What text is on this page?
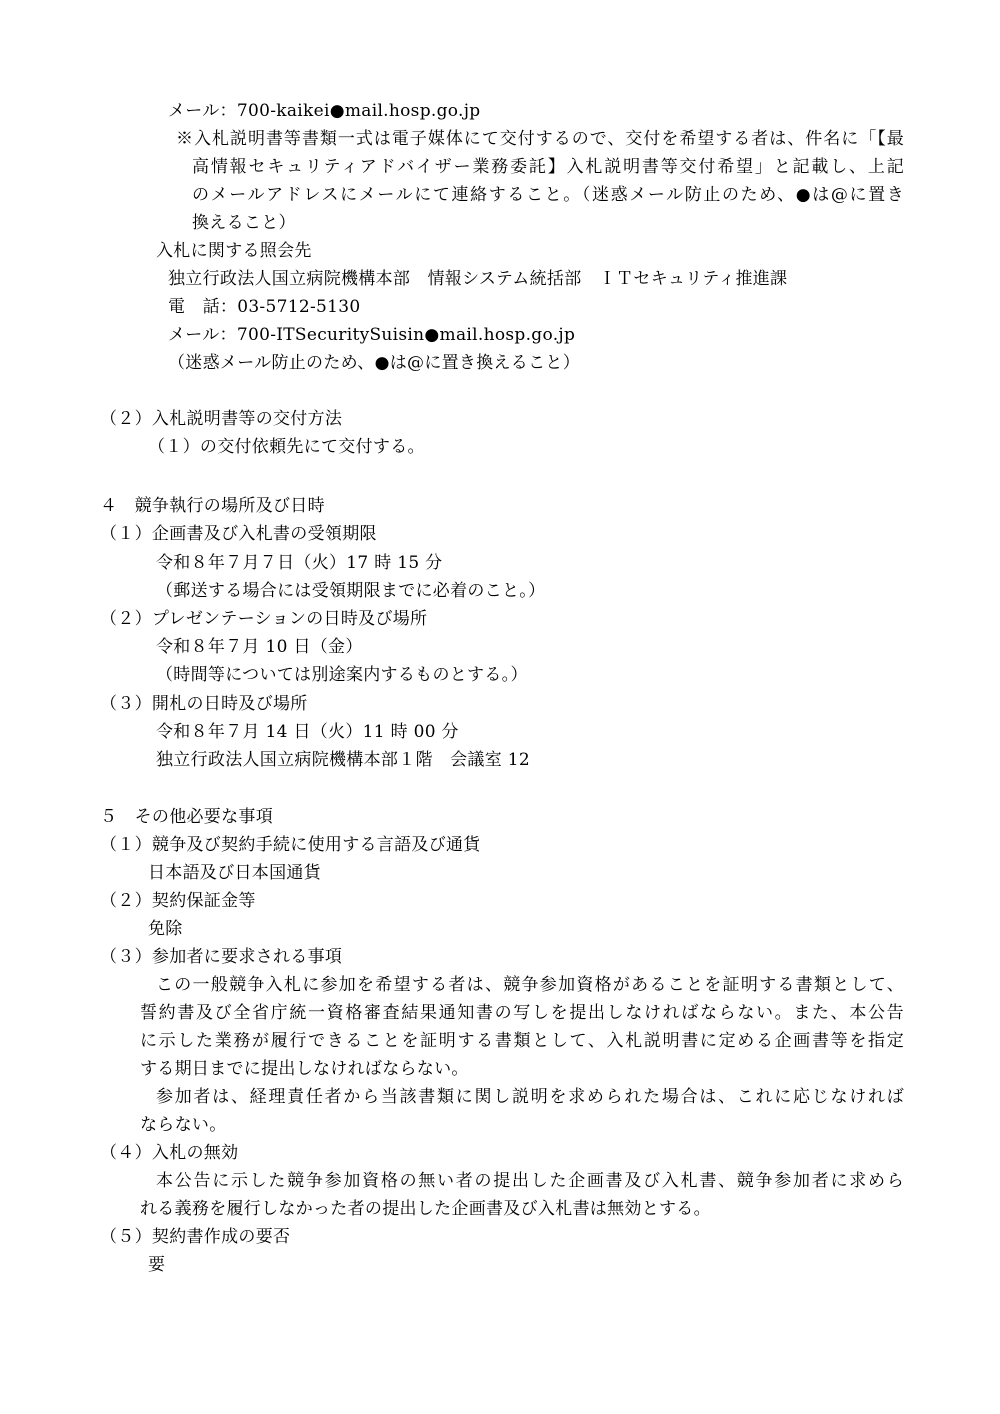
メール：700-kaikei●mail.hosp.go.jp
※入札説明書等書類一式は電子媒体にて交付するので、交付を希望する者は、件名に「【最
高情報セキュリティアドバイザー業務委託】入札説明書等交付希望」と記載し、上記
のメールアドレスにメールにて連絡すること。（迷惑メール防止のため、●は@に置き
換えること）
入札に関する照会先
独立行政法人国立病院機構本部　情報システム統括部　ＩＴセキュリティ推進課
電　話：03-5712-5130
メール：700-ITSecuritySuisin●mail.hosp.go.jp
（迷惑メール防止のため、●は@に置き換えること）
（２）入札説明書等の交付方法
（１）の交付依頼先にて交付する。
４　競争執行の場所及び日時
（１）企画書及び入札書の受領期限
令和８年７月７日（火）17 時 15 分
（郵送する場合には受領期限までに必着のこと。）
（２）プレゼンテーションの日時及び場所
令和８年７月 10 日（金）
（時間等については別途案内するものとする。）
（３）開札の日時及び場所
令和８年７月 14 日（火）11 時 00 分
独立行政法人国立病院機構本部１階　会議室 12
５　その他必要な事項
（１）競争及び契約手続に使用する言語及び通貨
日本語及び日本国通貨
（２）契約保証金等
免除
（３）参加者に要求される事項
この一般競争入札に参加を希望する者は、競争参加資格があることを証明する書類として、
誓約書及び全省庁統一資格審査結果通知書の写しを提出しなければならない。また、本公告
に示した業務が履行できることを証明する書類として、入札説明書に定める企画書等を指定
する期日までに提出しなければならない。
参加者は、経理責任者から当該書類に関し説明を求められた場合は、これに応じなければ
ならない。
（４）入札の無効
本公告に示した競争参加資格の無い者の提出した企画書及び入札書、競争参加者に求めら
れる義務を履行しなかった者の提出した企画書及び入札書は無効とする。
（５）契約書作成の要否
要
